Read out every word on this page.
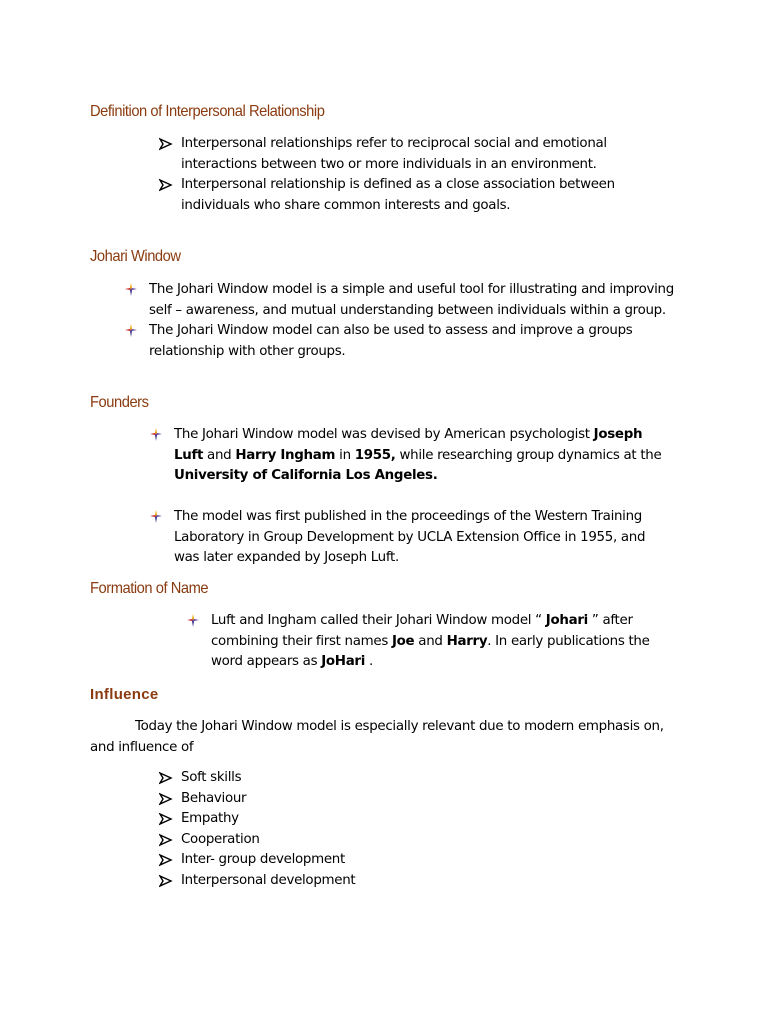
Definition of Interpersonal Relationship
Interpersonal relationships refer to reciprocal social and emotional interactions between two or more individuals in an environment.
Interpersonal relationship is defined as a close association between individuals who share common interests and goals.
Johari Window
The Johari Window model is a simple and useful tool for illustrating and improving self – awareness, and mutual understanding between individuals within a group.
The Johari Window model can also be used to assess and improve a groups relationship with other groups.
Founders
The Johari Window model was devised by American psychologist Joseph Luft and Harry Ingham in 1955, while researching group dynamics at the University of California Los Angeles.
The model was first published in the proceedings of the Western Training Laboratory in Group Development by UCLA Extension Office in 1955, and was later expanded by Joseph Luft.
Formation of Name
Luft and Ingham called their Johari Window model “ Johari ” after combining their first names Joe and Harry. In early publications the word appears as JoHari .
Influence

Today the Johari Window model is especially relevant due to modern emphasis on, and influence of

Soft skills
Behaviour
Empathy
Cooperation
Inter- group development
Interpersonal development
